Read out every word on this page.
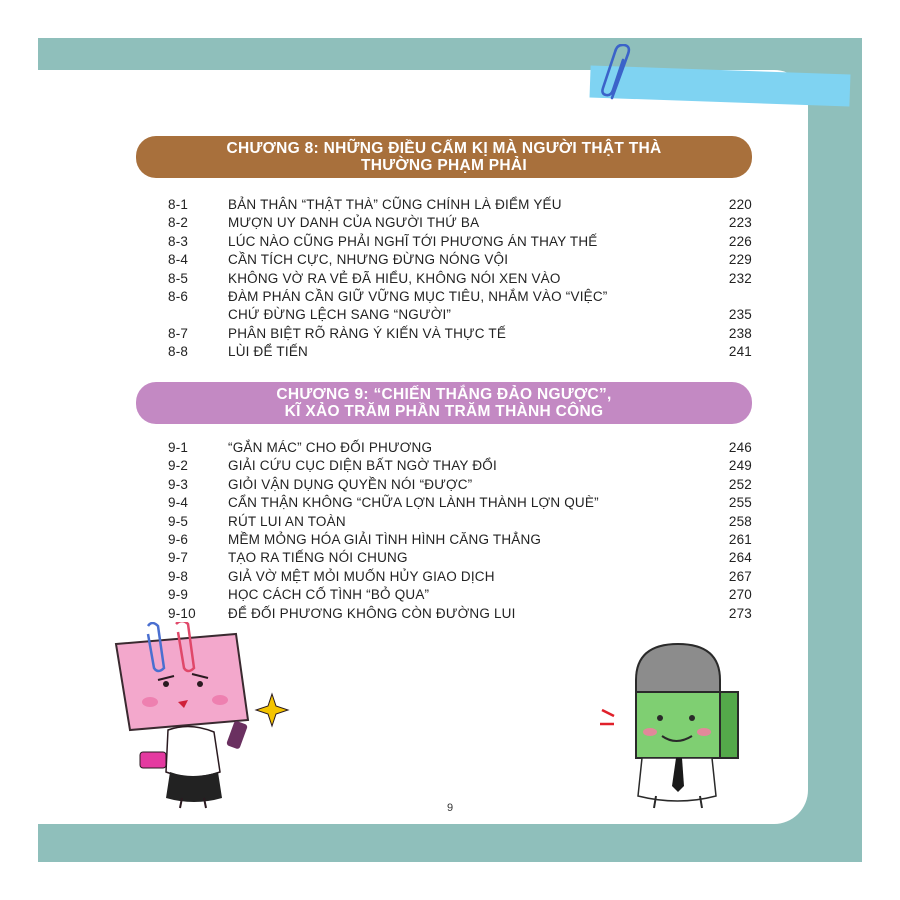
CHƯƠNG 8: NHỮNG ĐIỀU CẤM KỊ MÀ NGƯỜI THẬT THÀ
THƯỜNG PHẠM PHẢI
8-1	BẢN THÂN “THẬT THÀ” CŨNG CHÍNH LÀ ĐIỂM YẾU	220
8-2	MƯỢN UY DANH CỦA NGƯỜI THỨ BA	223
8-3	LÚC NÀO CŨNG PHẢI NGHĨ TỚI PHƯƠNG ÁN THAY THẾ	226
8-4	CẦN TÍCH CỰC, NHƯNG ĐỪNG NÓNG VỘI	229
8-5	KHÔNG VỜ RA VẺ ĐÃ HIỂU, KHÔNG NÓI XEN VÀO	232
8-6	ĐÀM PHÁN CẦN GIỮ VỮNG MỤC TIÊU, NHẮM VÀO “VIỆC”
CHỨ ĐỪNG LỆCH SANG “NGƯỜI”	235
8-7	PHÂN BIỆT RÕ RÀNG Ý KIẾN VÀ THỰC TẾ	238
8-8	LÙI ĐỂ TIẾN	241
CHƯƠNG 9: “CHIẾN THẮNG ĐẢO NGƯỢC”,
KĨ XẢO TRĂM PHẦN TRĂM THÀNH CÔNG
9-1	“GẮN MÁC” CHO ĐỐI PHƯƠNG	246
9-2	GIẢI CỨU CỤC DIỆN BẤT NGỜ THAY ĐỔI	249
9-3	GIỎI VẬN DỤNG QUYỀN NÓI “ĐƯỢC”	252
9-4	CẨN THẬN KHÔNG “CHỮA LỢN LÀNH THÀNH LỢN QUÈ”	255
9-5	RÚT LUI AN TOÀN	258
9-6	MỀM MỎNG HÓA GIẢI TÌNH HÌNH CĂNG THẲNG	261
9-7	TẠO RA TIẾNG NÓI CHUNG	264
9-8	GIẢ VỜ MỆT MỎI MUỐN HỦY GIAO DỊCH	267
9-9	HỌC CÁCH CỐ TÌNH “BỎ QUA”	270
9-10	ĐỂ ĐỐI PHƯƠNG KHÔNG CÒN ĐƯỜNG LUI	273
9
